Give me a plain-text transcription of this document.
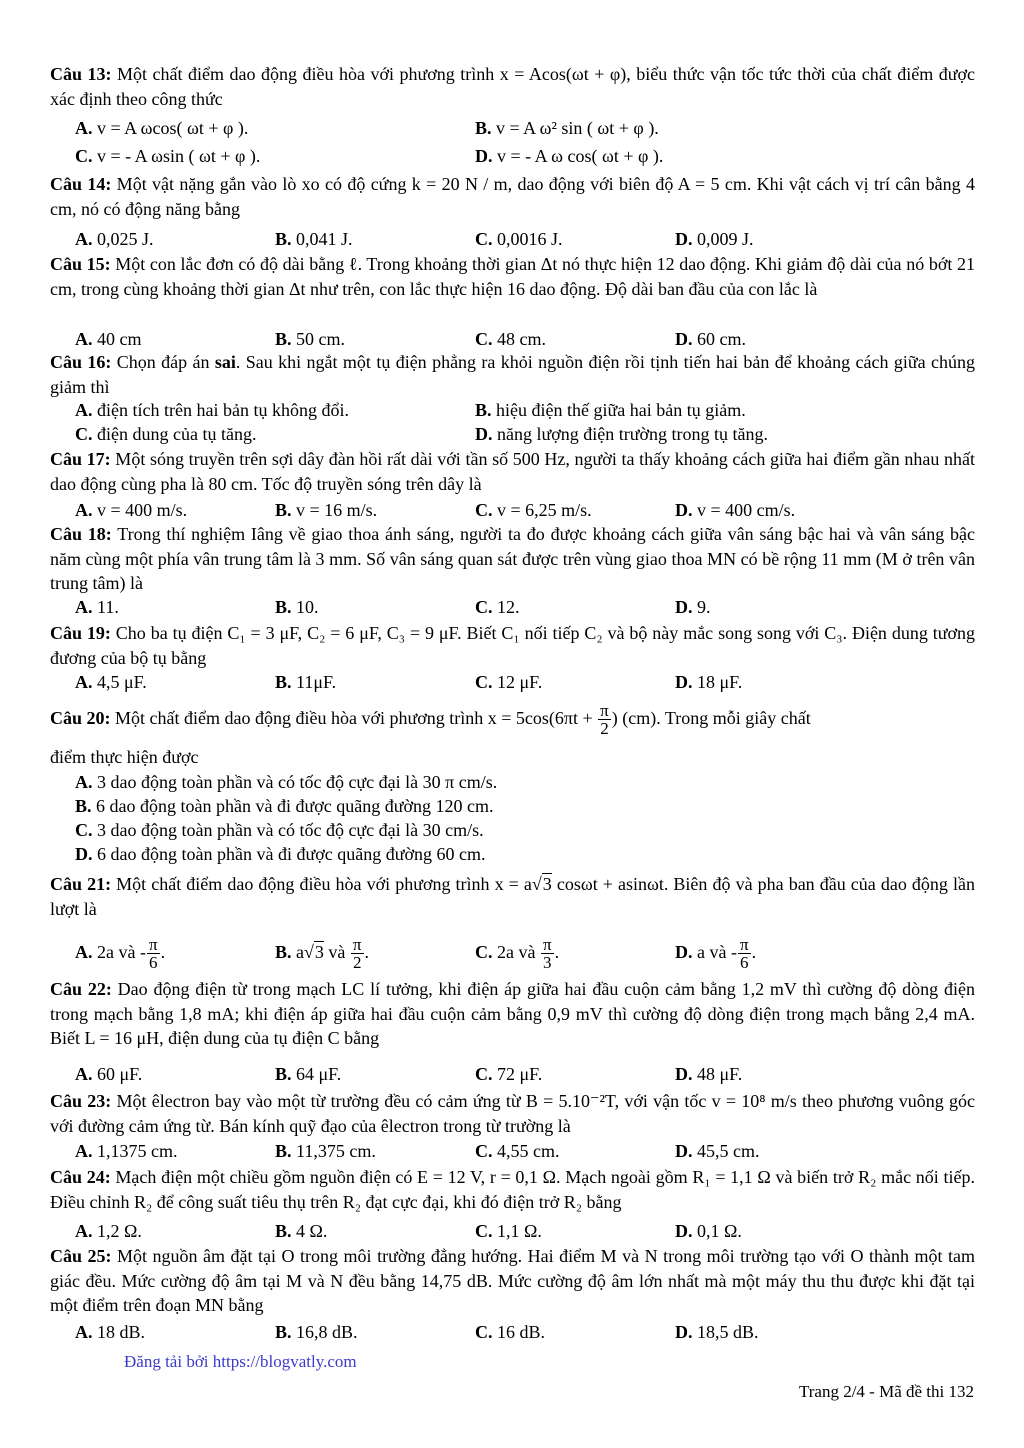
Câu 13: Một chất điểm dao động điều hòa với phương trình x = Acos(ωt + φ), biểu thức vận tốc tức thời của chất điểm được xác định theo công thức
A. v = A ωcos( ωt + φ ).	B. v = A ω² sin ( ωt + φ ).
C. v = - A ωsin ( ωt + φ ).	D. v = - A ω cos( ωt + φ ).
Câu 14: Một vật nặng gắn vào lò xo có độ cứng k = 20 N / m, dao động với biên độ A = 5 cm. Khi vật cách vị trí cân bằng 4 cm, nó có động năng bằng
A. 0,025 J.	B. 0,041 J.	C. 0,0016 J.	D. 0,009 J.
Câu 15: Một con lắc đơn có độ dài bằng ℓ. Trong khoảng thời gian Δt nó thực hiện 12 dao động. Khi giảm độ dài của nó bớt 21 cm, trong cùng khoảng thời gian Δt như trên, con lắc thực hiện 16 dao động. Độ dài ban đầu của con lắc là
A. 40 cm	B. 50 cm.	C. 48 cm.	D. 60 cm.
Câu 16: Chọn đáp án sai. Sau khi ngắt một tụ điện phẳng ra khỏi nguồn điện rồi tịnh tiến hai bản để khoảng cách giữa chúng giảm thì
A. điện tích trên hai bản tụ không đổi.	B. hiệu điện thế giữa hai bản tụ giảm.
C. điện dung của tụ tăng.	D. năng lượng điện trường trong tụ tăng.
Câu 17: Một sóng truyền trên sợi dây đàn hồi rất dài với tần số 500 Hz, người ta thấy khoảng cách giữa hai điểm gần nhau nhất dao động cùng pha là 80 cm. Tốc độ truyền sóng trên dây là
A. v = 400 m/s.	B. v = 16 m/s.	C. v = 6,25 m/s.	D. v = 400 cm/s.
Câu 18: Trong thí nghiệm Iâng về giao thoa ánh sáng, người ta đo được khoảng cách giữa vân sáng bậc hai và vân sáng bậc năm cùng một phía vân trung tâm là 3 mm. Số vân sáng quan sát được trên vùng giao thoa MN có bề rộng 11 mm (M ở trên vân trung tâm) là
A. 11.	B. 10.	C. 12.	D. 9.
Câu 19: Cho ba tụ điện C₁ = 3 μF, C₂ = 6 μF, C₃ = 9 μF. Biết C₁ nối tiếp C₂ và bộ này mắc song song với C₃. Điện dung tương đương của bộ tụ bằng
A. 4,5 μF.	B. 11μF.	C. 12 μF.	D. 18 μF.
Câu 20: Một chất điểm dao động điều hòa với phương trình $x = 5\cos(6\pi t + \frac{\pi}{2}$ ) (cm). Trong mỗi giây chất
điểm thực hiện được
A. 3 dao động toàn phần và có tốc độ cực đại là 30 π cm/s.
B. 6 dao động toàn phần và đi được quãng đường 120 cm.
C. 3 dao động toàn phần và có tốc độ cực đại là 30 cm/s.
D. 6 dao động toàn phần và đi được quãng đường 60 cm.
Câu 21: Một chất điểm dao động điều hòa với phương trình x = a√3 cosωt + asinωt. Biên độ và pha ban đầu của dao động lần lượt là
A. 2a và - $\frac{\pi}{6}$ .	B. a√3 và $\frac{\pi}{2}$ .	C. 2a và $\frac{\pi}{3}$ .	D. a và - $\frac{\pi}{6}$ .
Câu 22: Dao động điện từ trong mạch LC lí tưởng, khi điện áp giữa hai đầu cuộn cảm bằng 1,2 mV thì cường độ dòng điện trong mạch bằng 1,8 mA; khi điện áp giữa hai đầu cuộn cảm bằng 0,9 mV thì cường độ dòng điện trong mạch bằng 2,4 mA. Biết L = 16 μH, điện dung của tụ điện C bằng
A. 60 μF.	B. 64 μF.	C. 72 μF.	D. 48 μF.
Câu 23: Một êlectron bay vào một từ trường đều có cảm ứng từ B = 5.10⁻²T, với vận tốc v = 10⁸ m/s theo phương vuông góc với đường cảm ứng từ. Bán kính quỹ đạo của êlectron trong từ trường là
A. 1,1375 cm.	B. 11,375 cm.	C. 4,55 cm.	D. 45,5 cm.
Câu 24: Mạch điện một chiều gồm nguồn điện có E = 12 V, r = 0,1 Ω. Mạch ngoài gồm R₁ = 1,1 Ω và biến trở R₂ mắc nối tiếp. Điều chỉnh R₂ để công suất tiêu thụ trên R₂ đạt cực đại, khi đó điện trở R₂ bằng
A. 1,2 Ω.	B. 4 Ω.	C. 1,1 Ω.	D. 0,1 Ω.
Câu 25: Một nguồn âm đặt tại O trong môi trường đẳng hướng. Hai điểm M và N trong môi trường tạo với O thành một tam giác đều. Mức cường độ âm tại M và N đều bằng 14,75 dB. Mức cường độ âm lớn nhất mà một máy thu thu được khi đặt tại một điểm trên đoạn MN bằng
A. 18 dB.	B. 16,8 dB.	C. 16 dB.	D. 18,5 dB.
Đăng tải bởi https://blogvatly.com
Trang 2/4 - Mã đề thi 132
